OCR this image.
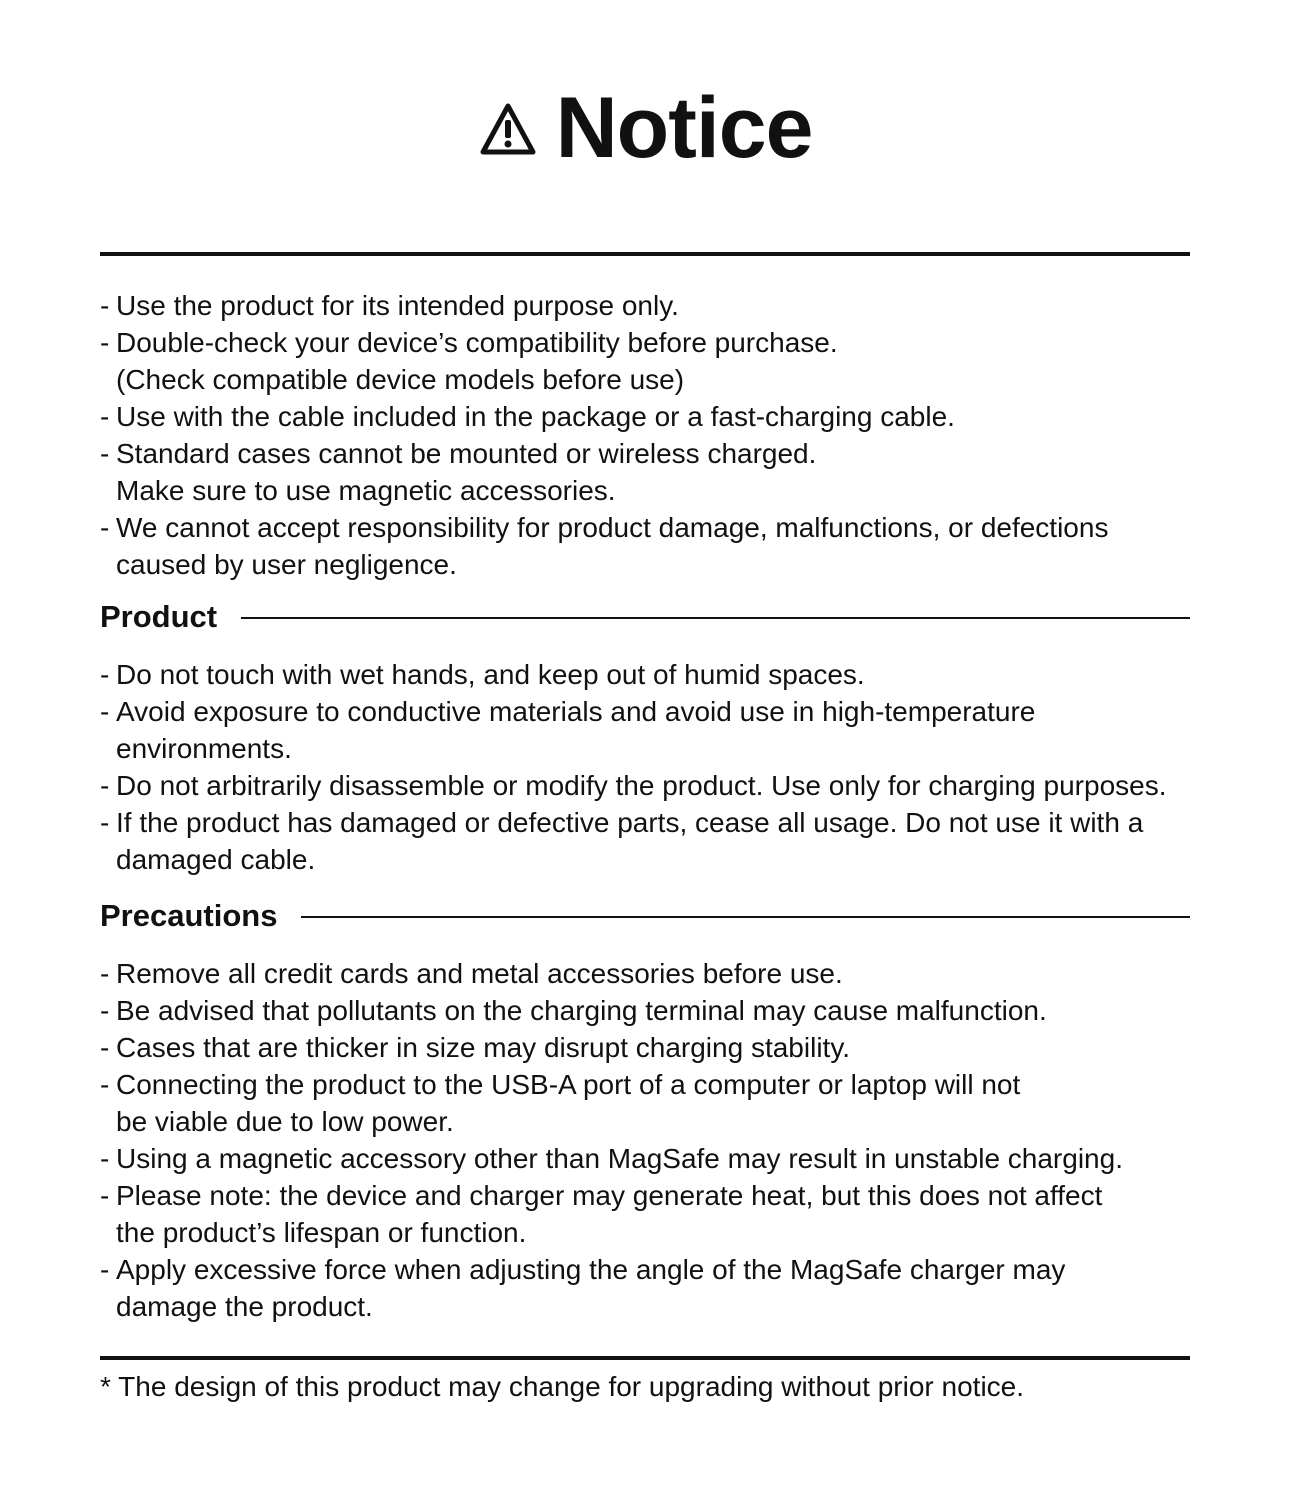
Notice
- Use the product for its intended purpose only.
- Double-check your device’s compatibility before purchase.
(Check compatible device models before use)
- Use with the cable included in the package or a fast-charging cable.
- Standard cases cannot be mounted or wireless charged.
Make sure to use magnetic accessories.
- We cannot accept responsibility for product damage, malfunctions, or defections
caused by user negligence.
Product
- Do not touch with wet hands, and keep out of humid spaces.
- Avoid exposure to conductive materials and avoid use in high-temperature
environments.
- Do not arbitrarily disassemble or modify the product. Use only for charging purposes.
- If the product has damaged or defective parts, cease all usage. Do not use it with a
damaged cable.
Precautions
- Remove all credit cards and metal accessories before use.
- Be advised that pollutants on the charging terminal may cause malfunction.
- Cases that are thicker in size may disrupt charging stability.
- Connecting the product to the USB-A port of a computer or laptop will not
be viable due to low power.
- Using a magnetic accessory other than MagSafe may result in unstable charging.
- Please note: the device and charger may generate heat, but this does not affect
the product’s lifespan or function.
- Apply excessive force when adjusting the angle of the MagSafe charger may
damage the product.

* The design of this product may change for upgrading without prior notice.
